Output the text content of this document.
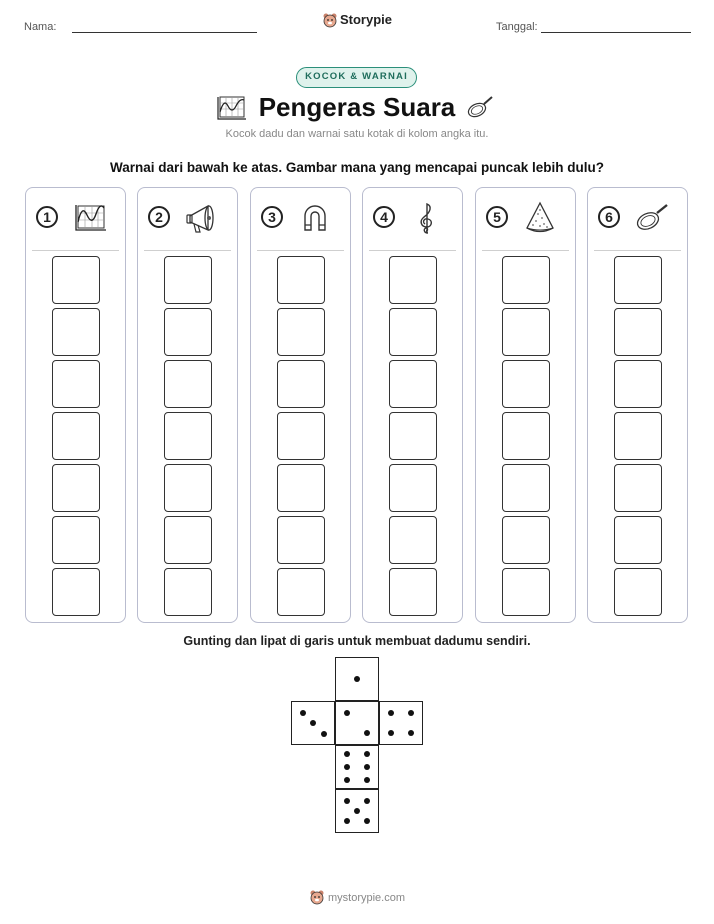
Nama:	Storypie	Tanggal:
KOCOK & WARNAI
Pengeras Suara
Kocok dadu dan warnai satu kotak di kolom angka itu.
Warnai dari bawah ke atas. Gambar mana yang mencapai puncak lebih dulu?
1	2	3	4	5	6
Gunting dan lipat di garis untuk membuat dadumu sendiri.
mystorypie.com
